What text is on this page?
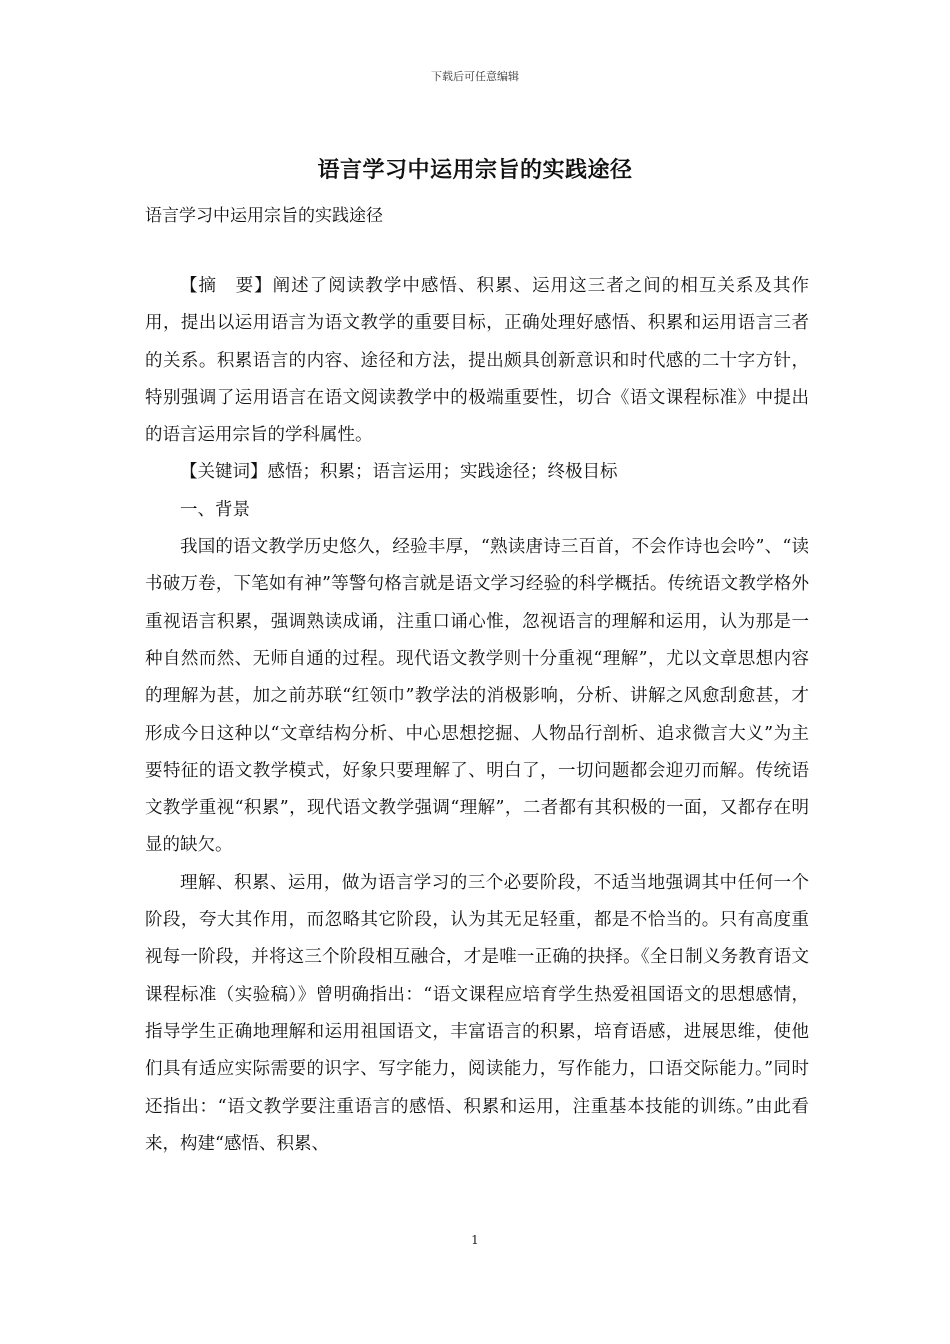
下载后可任意编辑
语言学习中运用宗旨的实践途径
语言学习中运用宗旨的实践途径

【摘　要】阐述了阅读教学中感悟、积累、运用这三者之间的相互关系及其作用，提出以运用语言为语文教学的重要目标，正确处理好感悟、积累和运用语言三者的关系。积累语言的内容、途径和方法，提出颇具创新意识和时代感的二十字方针，特别强调了运用语言在语文阅读教学中的极端重要性，切合《语文课程标准》中提出的语言运用宗旨的学科属性。

【关键词】感悟；积累；语言运用；实践途径；终极目标

一、背景

我国的语文教学历史悠久，经验丰厚，“熟读唐诗三百首，不会作诗也会吟”、“读书破万卷，下笔如有神”等警句格言就是语文学习经验的科学概括。传统语文教学格外重视语言积累，强调熟读成诵，注重口诵心惟，忽视语言的理解和运用，认为那是一种自然而然、无师自通的过程。现代语文教学则十分重视“理解”，尤以文章思想内容的理解为甚，加之前苏联“红领巾”教学法的消极影响，分析、讲解之风愈刮愈甚，才形成今日这种以“文章结构分析、中心思想挖掘、人物品行剖析、追求微言大义”为主要特征的语文教学模式，好象只要理解了、明白了，一切问题都会迎刃而解。传统语文教学重视“积累”，现代语文教学强调“理解”，二者都有其积极的一面，又都存在明显的缺欠。

理解、积累、运用，做为语言学习的三个必要阶段，不适当地强调其中任何一个阶段，夸大其作用，而忽略其它阶段，认为其无足轻重，都是不恰当的。只有高度重视每一阶段，并将这三个阶段相互融合，才是唯一正确的抉择。《全日制义务教育语文课程标准（实验稿）》曾明确指出：“语文课程应培育学生热爱祖国语文的思想感情，指导学生正确地理解和运用祖国语文，丰富语言的积累，培育语感，进展思维，使他们具有适应实际需要的识字、写字能力，阅读能力，写作能力，口语交际能力。”同时还指出：“语文教学要注重语言的感悟、积累和运用，注重基本技能的训练。”由此看来，构建“感悟、积累、

1
